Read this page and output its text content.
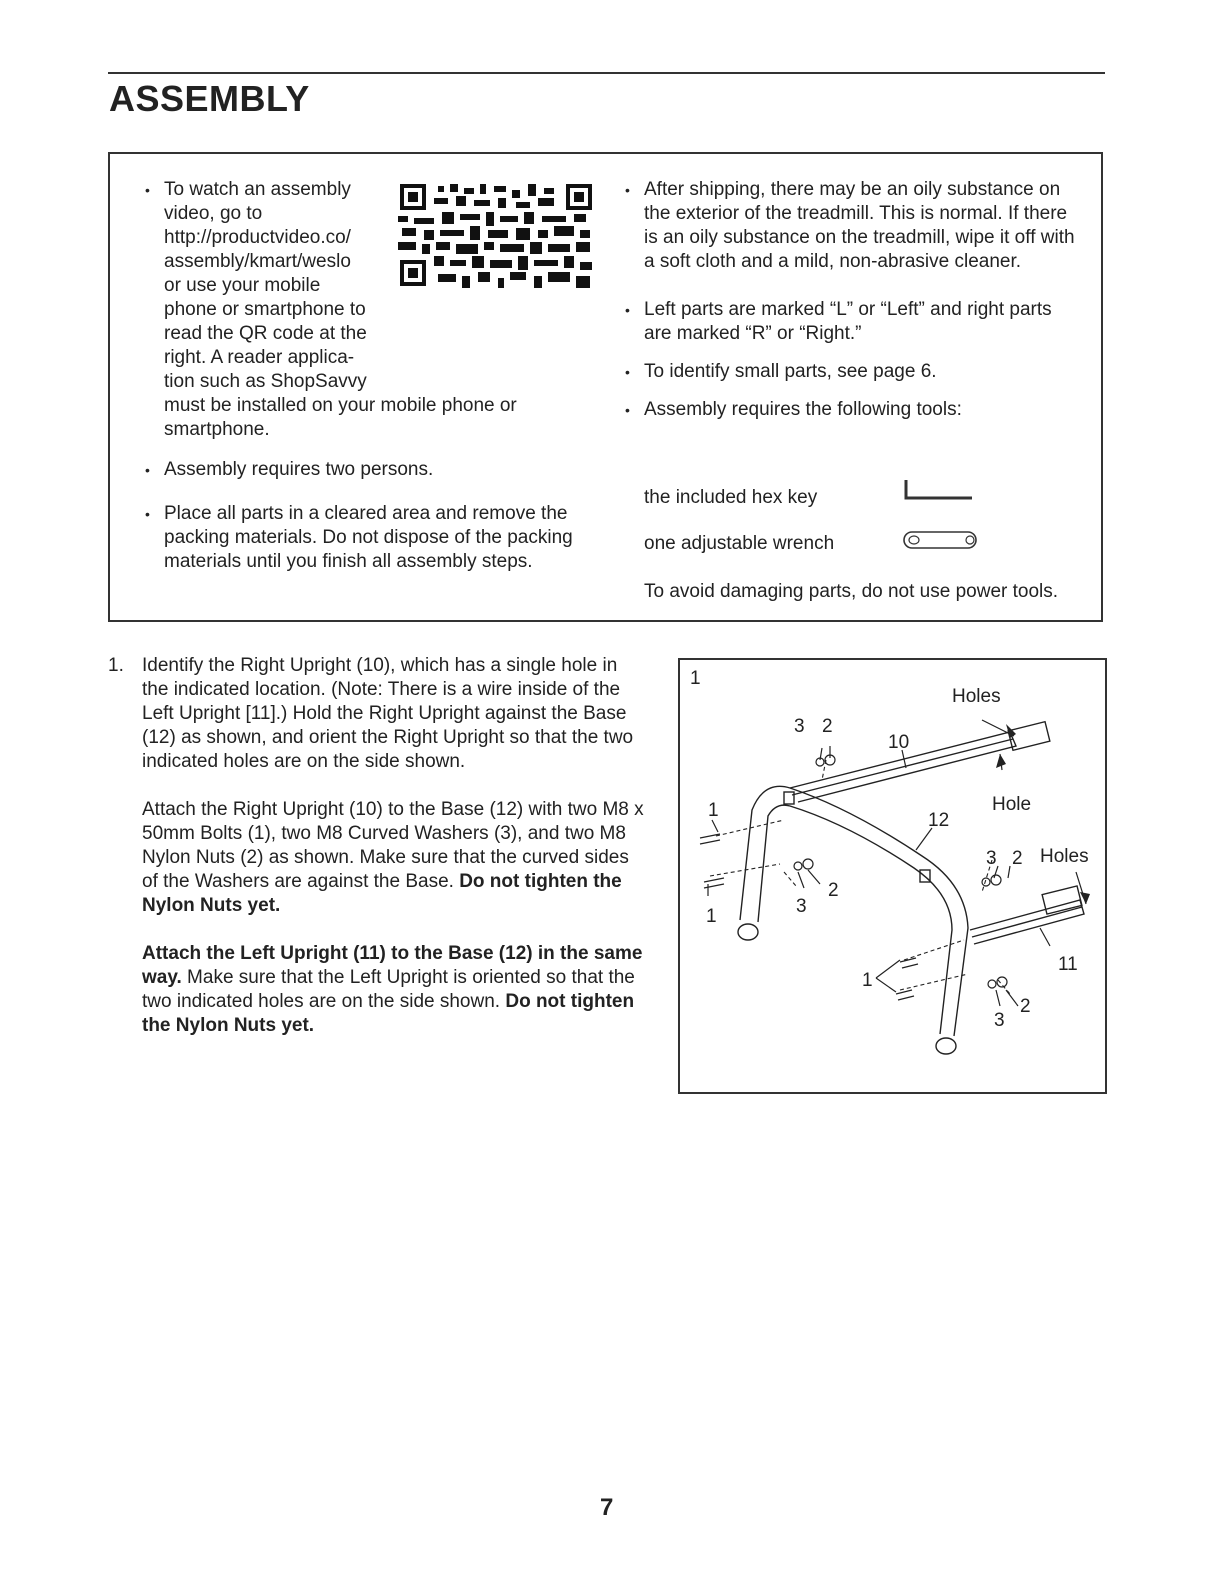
ASSEMBLY
• To watch an assembly video, go to http://productvideo.co/ assembly/kmart/weslo or use your mobile phone or smartphone to read the QR code at the right. A reader applica- tion such as ShopSavvy must be installed on your mobile phone or smartphone.
• Assembly requires two persons.
• Place all parts in a cleared area and remove the packing materials. Do not dispose of the packing materials until you finish all assembly steps.
• After shipping, there may be an oily substance on the exterior of the treadmill. This is normal. If there is an oily substance on the treadmill, wipe it off with a soft cloth and a mild, non-abrasive cleaner.
• Left parts are marked “L” or “Left” and right parts are marked “R” or “Right.”
• To identify small parts, see page 6.
• Assembly requires the following tools:
the included hex key
one adjustable wrench
To avoid damaging parts, do not use power tools.
1. Identify the Right Upright (10), which has a single hole in the indicated location. (Note: There is a wire inside of the Left Upright [11].) Hold the Right Upright against the Base (12) as shown, and orient the Right Upright so that the two indicated holes are on the side shown.

Attach the Right Upright (10) to the Base (12) with two M8 x 50mm Bolts (1), two M8 Curved Washers (3), and two M8 Nylon Nuts (2) as shown. Make sure that the curved sides of the Washers are against the Base. Do not tighten the Nylon Nuts yet.

Attach the Left Upright (11) to the Base (12) in the same way. Make sure that the Left Upright is oriented so that the two indicated holes are on the side shown. Do not tighten the Nylon Nuts yet.

1
Holes
3 2
10
Hole
1	12
3 2 Holes
2
3
1
11
1
2
3
7
